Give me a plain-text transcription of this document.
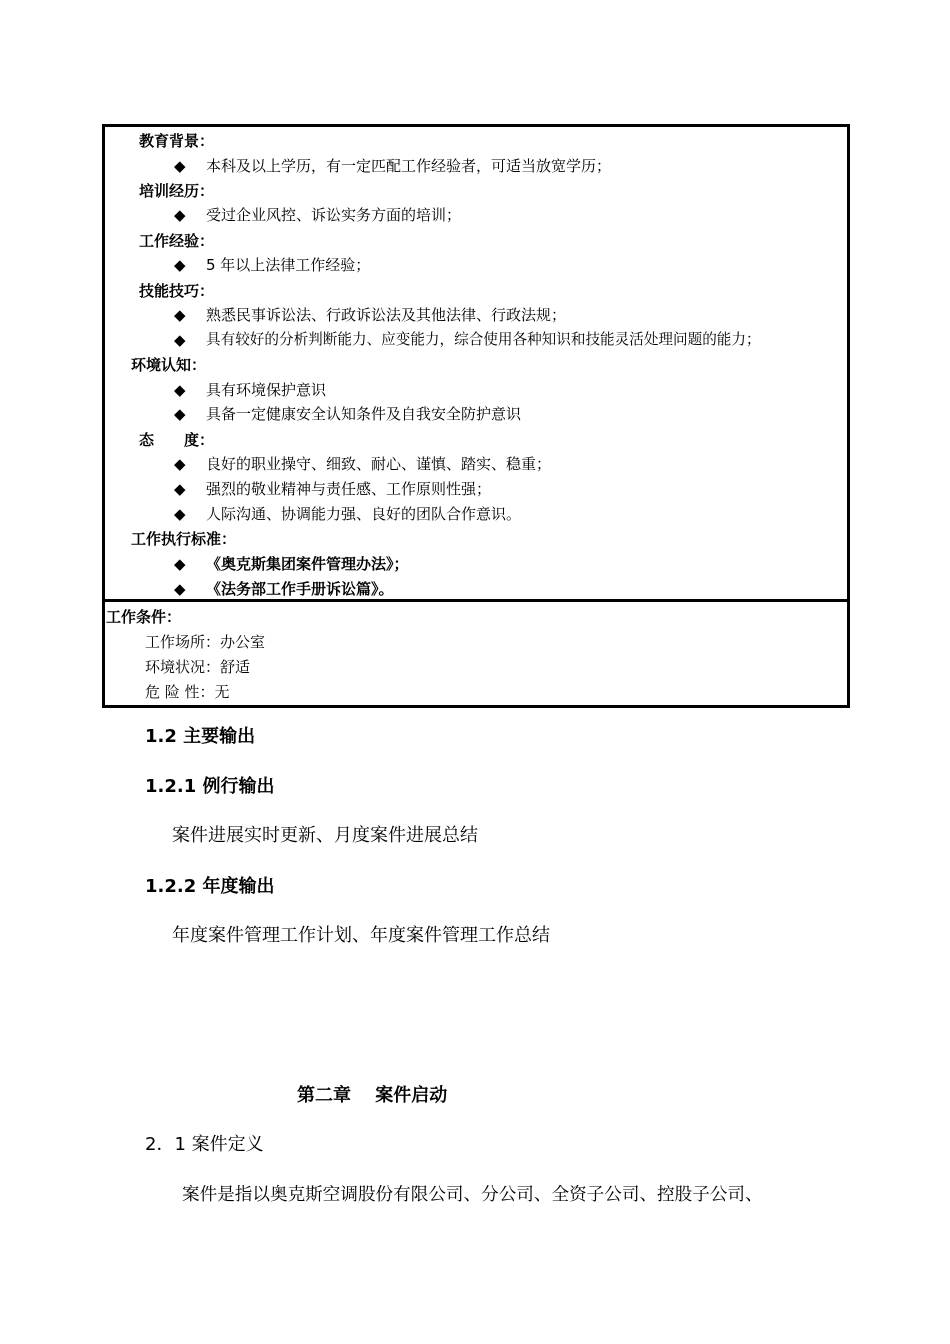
教育背景：
◆ 本科及以上学历，有一定匹配工作经验者，可适当放宽学历；
培训经历：
◆ 受过企业风控、诉讼实务方面的培训；
工作经验：
◆ 5 年以上法律工作经验；
技能技巧：
◆ 熟悉民事诉讼法、行政诉讼法及其他法律、行政法规；
◆ 具有较好的分析判断能力、应变能力，综合使用各种知识和技能灵活处理问题的能力；
环境认知：
◆ 具有环境保护意识
◆ 具备一定健康安全认知条件及自我安全防护意识
态　　度：
◆ 良好的职业操守、细致、耐心、谨慎、踏实、稳重；
◆ 强烈的敬业精神与责任感、工作原则性强；
◆ 人际沟通、协调能力强、良好的团队合作意识。
工作执行标准：
◆ 《奥克斯集团案件管理办法》；
◆ 《法务部工作手册诉讼篇》。
工作条件：
工作场所：办公室
环境状况：舒适
危 险 性：无
1.2 主要输出
1.2.1 例行输出
案件进展实时更新、月度案件进展总结
1.2.2 年度输出
年度案件管理工作计划、年度案件管理工作总结
第二章　 案件启动
2．1 案件定义
案件是指以奥克斯空调股份有限公司、分公司、全资子公司、控股子公司、
